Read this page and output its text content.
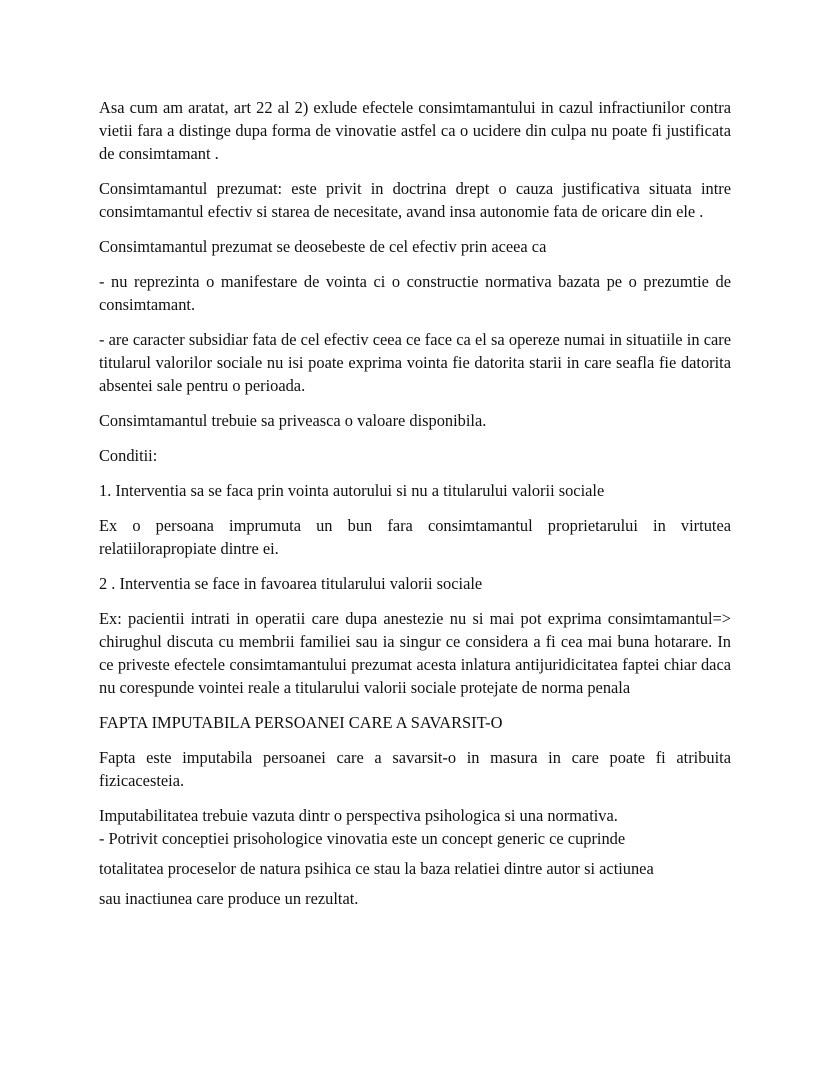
Asa cum am aratat, art 22 al 2) exlude efectele consimtamantului in cazul infractiunilor contra vietii fara a distinge dupa forma de vinovatie astfel ca o ucidere din culpa nu poate fi justificata de consimtamant .

Consimtamantul prezumat: este privit in doctrina drept o cauza justificativa situata intre consimtamantul efectiv si starea de necesitate, avand insa autonomie fata de oricare din ele .

Consimtamantul prezumat se deosebeste de cel efectiv prin aceea ca

- nu reprezinta o manifestare de vointa ci o constructie normativa bazata pe o prezumtie de consimtamant.

- are caracter subsidiar fata de cel efectiv ceea ce face ca el sa opereze numai in situatiile in care titularul valorilor sociale nu isi poate exprima vointa fie datorita starii in care seafla fie datorita absentei sale pentru o perioada.

Consimtamantul trebuie sa priveasca o valoare disponibila.

Conditii:

1. Interventia sa se faca prin vointa autorului si nu a titularului valorii sociale

Ex o persoana imprumuta un bun fara consimtamantul proprietarului in virtutea relatiilorapropiate dintre ei.

2 . Interventia se face in favoarea titularului valorii sociale

Ex: pacientii intrati in operatii care dupa anestezie nu si mai pot exprima consimtamantul=> chirughul discuta cu membrii familiei sau ia singur ce considera a fi cea mai buna hotarare. In ce priveste efectele consimtamantului prezumat acesta inlatura antijuridicitatea faptei chiar daca nu corespunde vointei reale a titularului valorii sociale protejate de norma penala

FAPTA IMPUTABILA PERSOANEI CARE A SAVARSIT-O

Fapta este imputabila persoanei care a savarsit-o in masura in care poate fi atribuita fizicacesteia.

Imputabilitatea trebuie vazuta dintr o perspectiva psihologica si una normativa.

- Potrivit conceptiei prisohologice vinovatia este un concept generic ce cuprinde

totalitatea proceselor de natura psihica ce stau la baza relatiei dintre autor si actiunea

sau inactiunea care produce un rezultat.
